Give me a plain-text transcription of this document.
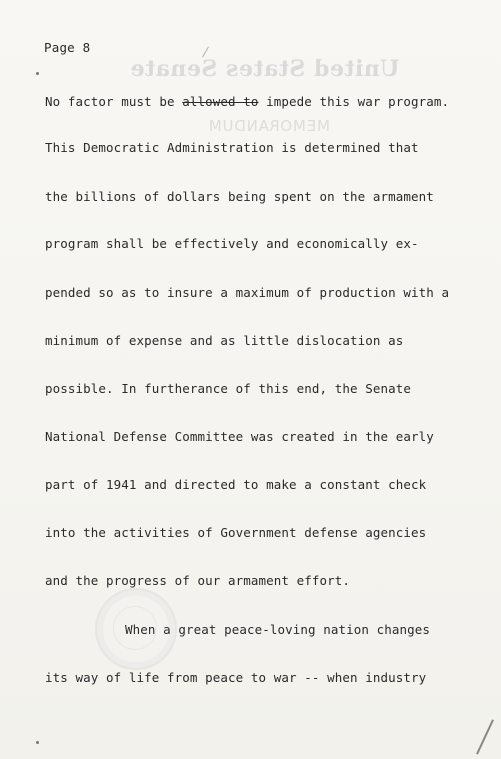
Page 8
United States Senate
MEMORANDUM
No factor must be allowed to impede this war program.
This Democratic Administration is determined that
the billions of dollars being spent on the armament
program shall be effectively and economically ex-
pended so as to insure a maximum of production with a
minimum of expense and as little dislocation as
possible. In furtherance of this end, the Senate
National Defense Committee was created in the early
part of 1941 and directed to make a constant check
into the activities of Government defense agencies
and the progress of our armament effort.
When a great peace-loving nation changes
its way of life from peace to war -- when industry
